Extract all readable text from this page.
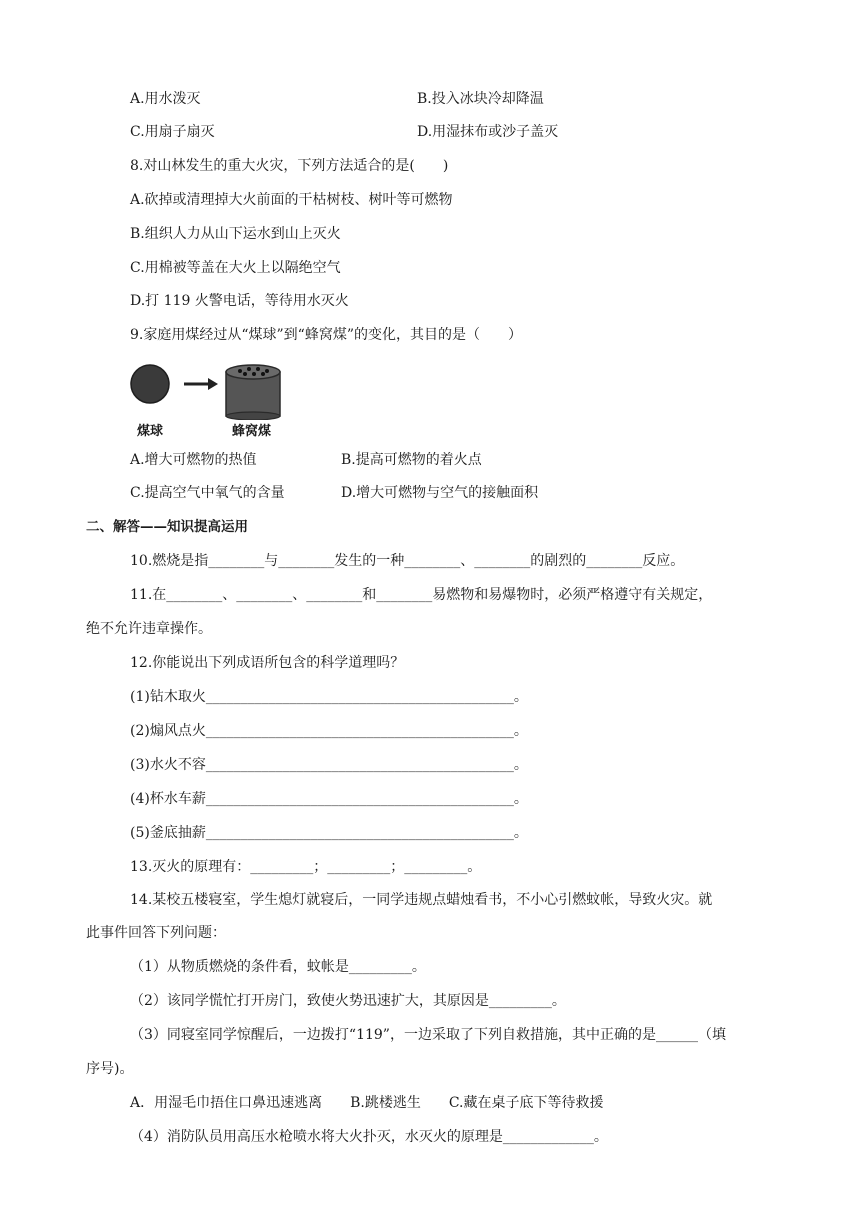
A.用水泼灭	B.投入冰块冷却降温
C.用扇子扇灭	D.用湿抹布或沙子盖灭
8.对山林发生的重大火灾，下列方法适合的是(　　)
A.砍掉或清理掉大火前面的干枯树枝、树叶等可燃物
B.组织人力从山下运水到山上灭火
C.用棉被等盖在大火上以隔绝空气
D.打 119 火警电话，等待用水灭火
9.家庭用煤经过从“煤球”到“蜂窝煤”的变化，其目的是（　　）
煤球	蜂窝煤
A.增大可燃物的热值	B.提高可燃物的着火点
C.提高空气中氧气的含量	D.增大可燃物与空气的接触面积
二、解答——知识提高运用
10.燃烧是指________与________发生的一种________、________的剧烈的________反应。
11.在________、________、________和________易燃物和易爆物时，必须严格遵守有关规定，
绝不允许违章操作。
12.你能说出下列成语所包含的科学道理吗？
(1)钻木取火____________________________________________。
(2)煽风点火____________________________________________。
(3)水火不容____________________________________________。
(4)杯水车薪____________________________________________。
(5)釜底抽薪____________________________________________。
13.灭火的原理有：_________；_________；_________。
14.某校五楼寝室，学生熄灯就寝后，一同学违规点蜡烛看书，不小心引燃蚊帐，导致火灾。就
此事件回答下列问题：
（1）从物质燃烧的条件看，蚊帐是_________。
（2）该同学慌忙打开房门，致使火势迅速扩大，其原因是_________。
（3）同寝室同学惊醒后，一边拨打“119”，一边采取了下列自救措施，其中正确的是______（填
序号)。
A．用湿毛巾捂住口鼻迅速逃离　　B.跳楼逃生　　C.藏在桌子底下等待救援
（4）消防队员用高压水枪喷水将大火扑灭，水灭火的原理是_____________。
